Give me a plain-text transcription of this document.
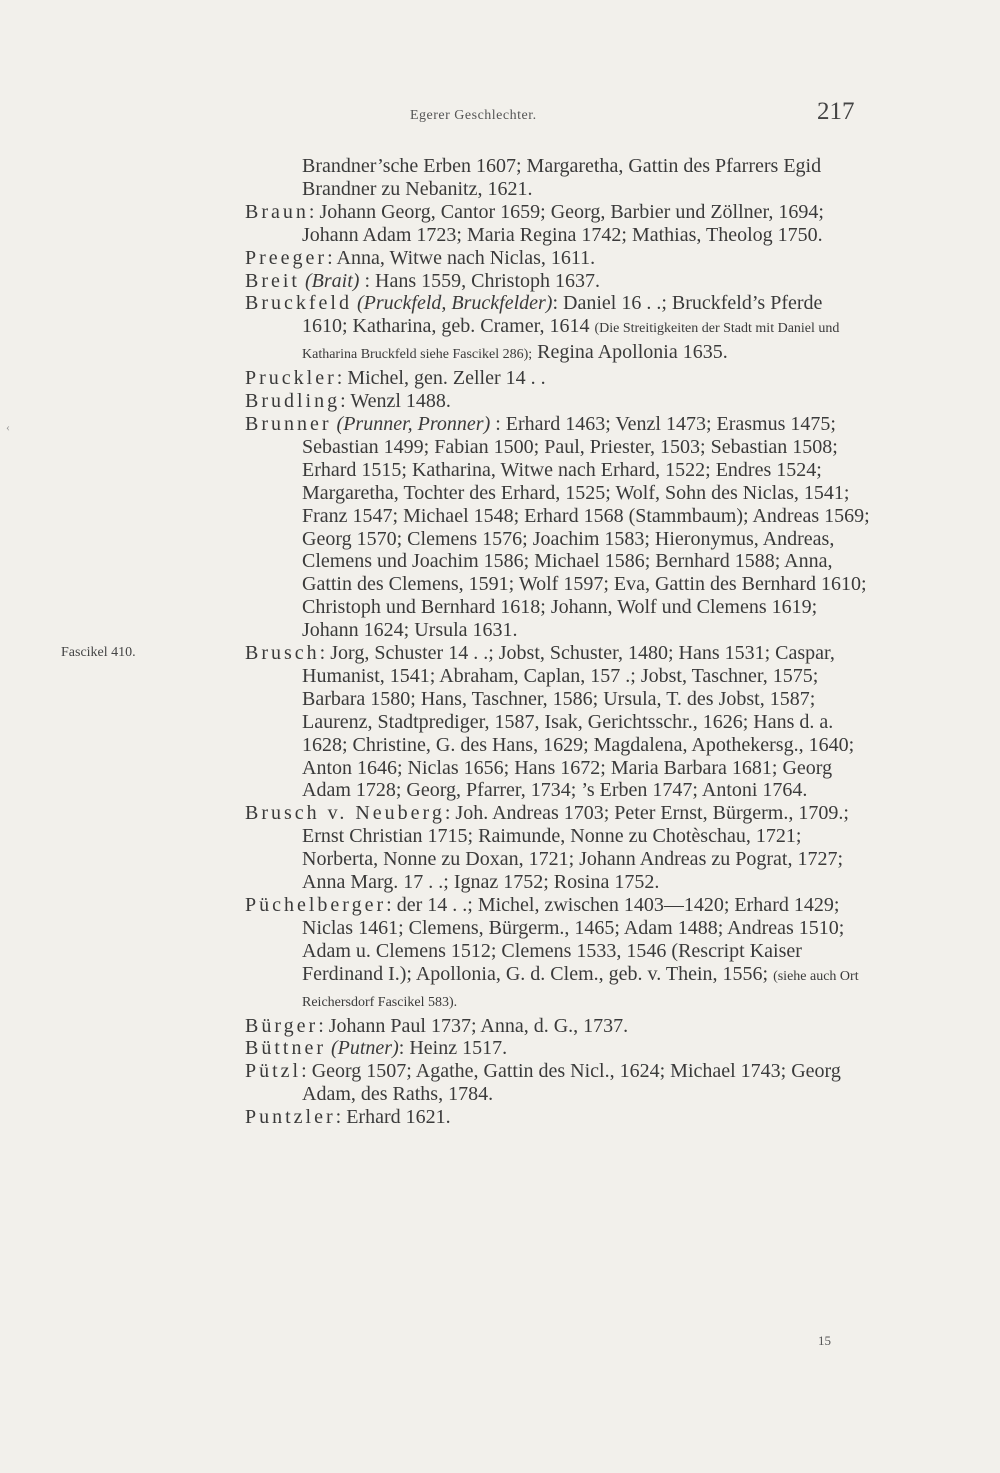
Egerer Geschlechter.	217
‹

Brandner’sche Erben 1607; Margaretha, Gattin des Pfarrers Egid Brandner zu Nebanitz, 1621.

Braun: Johann Georg, Cantor 1659; Georg, Barbier und Zöllner, 1694; Johann Adam 1723; Maria Regina 1742; Mathias, Theolog 1750.

Preeger: Anna, Witwe nach Niclas, 1611.

Breit (Brait) : Hans 1559, Christoph 1637.

Bruckfeld (Pruckfeld, Bruckfelder): Daniel 16 . .; Bruckfeld’s Pferde 1610; Katharina, geb. Cramer, 1614 (Die Streitigkeiten der Stadt mit Daniel und Katharina Bruckfeld siehe Fascikel 286); Regina Apollonia 1635.

Pruckler: Michel, gen. Zeller 14 . .

Brudling: Wenzl 1488.

Brunner (Prunner, Pronner) : Erhard 1463; Venzl 1473; Erasmus 1475; Sebastian 1499; Fabian 1500; Paul, Priester, 1503; Sebastian 1508; Erhard 1515; Katharina, Witwe nach Erhard, 1522; Endres 1524; Margaretha, Tochter des Erhard, 1525; Wolf, Sohn des Niclas, 1541; Franz 1547; Michael 1548; Erhard 1568 (Stammbaum); Andreas 1569; Georg 1570; Clemens 1576; Joachim 1583; Hieronymus, Andreas, Clemens und Joachim 1586; Michael 1586; Bernhard 1588; Anna, Gattin des Clemens, 1591; Wolf 1597; Eva, Gattin des Bernhard 1610; Christoph und Bernhard 1618; Johann, Wolf und Clemens 1619; Johann 1624; Ursula 1631.

Fascikel 410.	Brusch: Jorg, Schuster 14 . .; Jobst, Schuster, 1480; Hans 1531; Caspar, Humanist, 1541; Abraham, Caplan, 157 .; Jobst, Taschner, 1575; Barbara 1580; Hans, Taschner, 1586; Ursula, T. des Jobst, 1587; Laurenz, Stadtprediger, 1587, Isak, Gerichtsschr., 1626; Hans d. a. 1628; Christine, G. des Hans, 1629; Magdalena, Apothekersg., 1640; Anton 1646; Niclas 1656; Hans 1672; Maria Barbara 1681; Georg Adam 1728; Georg, Pfarrer, 1734; ’s Erben 1747; Antoni 1764.

Brusch v. Neuberg: Joh. Andreas 1703; Peter Ernst, Bürgerm., 1709.; Ernst Christian 1715; Raimunde, Nonne zu Chotèschau, 1721; Norberta, Nonne zu Doxan, 1721; Johann Andreas zu Pograt, 1727; Anna Marg. 17 . .; Ignaz 1752; Rosina 1752.

Püchelberger: der 14 . .; Michel, zwischen 1403—1420; Erhard 1429; Niclas 1461; Clemens, Bürgerm., 1465; Adam 1488; Andreas 1510; Adam u. Clemens 1512; Clemens 1533, 1546 (Rescript Kaiser Ferdinand I.); Apollonia, G. d. Clem., geb. v. Thein, 1556; (siehe auch Ort Reichersdorf Fascikel 583).

Bürger: Johann Paul 1737; Anna, d. G., 1737.

Büttner (Putner): Heinz 1517.

Pützl: Georg 1507; Agathe, Gattin des Nicl., 1624; Michael 1743; Georg Adam, des Raths, 1784.

Puntzler: Erhard 1621.

15
